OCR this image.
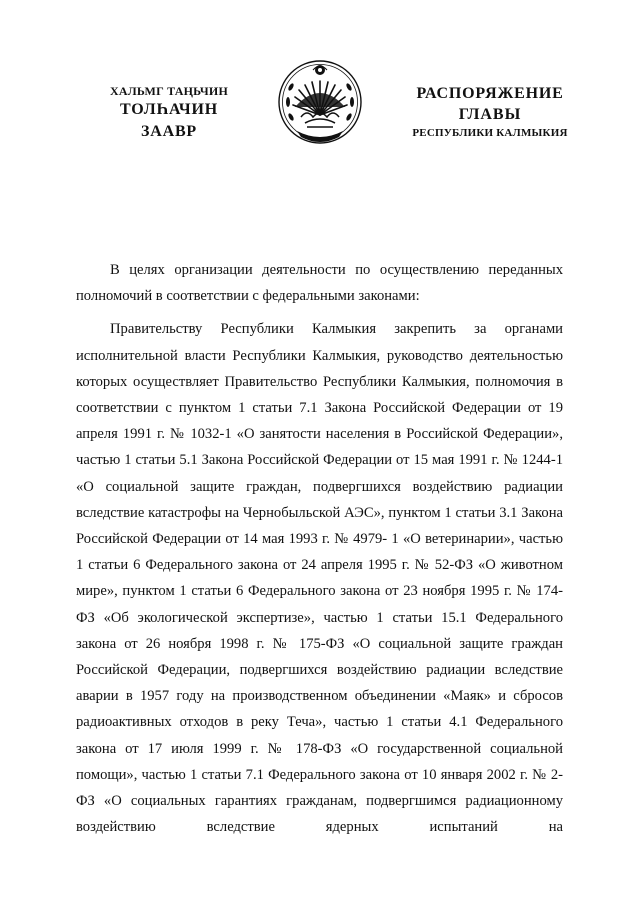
ХАЛЬМГ ТАҢЬЧИН
ТОЛҺАЧИН
ЗААВР
РАСПОРЯЖЕНИЕ
ГЛАВЫ
РЕСПУБЛИКИ КАЛМЫКИЯ

В целях организации деятельности по осуществлению переданных полномочий в соответствии с федеральными законами:

Правительству Республики Калмыкия закрепить за органами исполнительной власти Республики Калмыкия, руководство деятельностью которых осуществляет Правительство Республики Калмыкия, полномочия в соответствии с пунктом 1 статьи 7.1 Закона Российской Федерации от 19 апреля 1991 г. № 1032-1 «О занятости населения в Российской Федерации», частью 1 статьи 5.1 Закона Российской Федерации от 15 мая 1991 г. № 1244-1 «О социальной защите граждан, подвергшихся воздействию радиации вследствие катастрофы на Чернобыльской АЭС», пунктом 1 статьи 3.1 Закона Российской Федерации от 14 мая 1993 г. № 4979- 1 «О ветеринарии», частью 1 статьи 6 Федерального закона от 24 апреля 1995 г. № 52-ФЗ «О животном мире», пунктом 1 статьи 6 Федерального закона от 23 ноября 1995 г. № 174-ФЗ «Об экологической экспертизе», частью 1 статьи 15.1 Федерального закона от 26 ноября 1998 г. № 175-ФЗ «О социальной защите граждан Российской Федерации, подвергшихся воздействию радиации вследствие аварии в 1957 году на производственном объединении «Маяк» и сбросов радиоактивных отходов в реку Теча», частью 1 статьи 4.1 Федерального закона от 17 июля 1999 г. № 178-ФЗ «О государственной социальной помощи», частью 1 статьи 7.1 Федерального закона от 10 января 2002 г. № 2-ФЗ «О социальных гарантиях гражданам, подвергшимся радиационному воздействию вследствие ядерных испытаний на
